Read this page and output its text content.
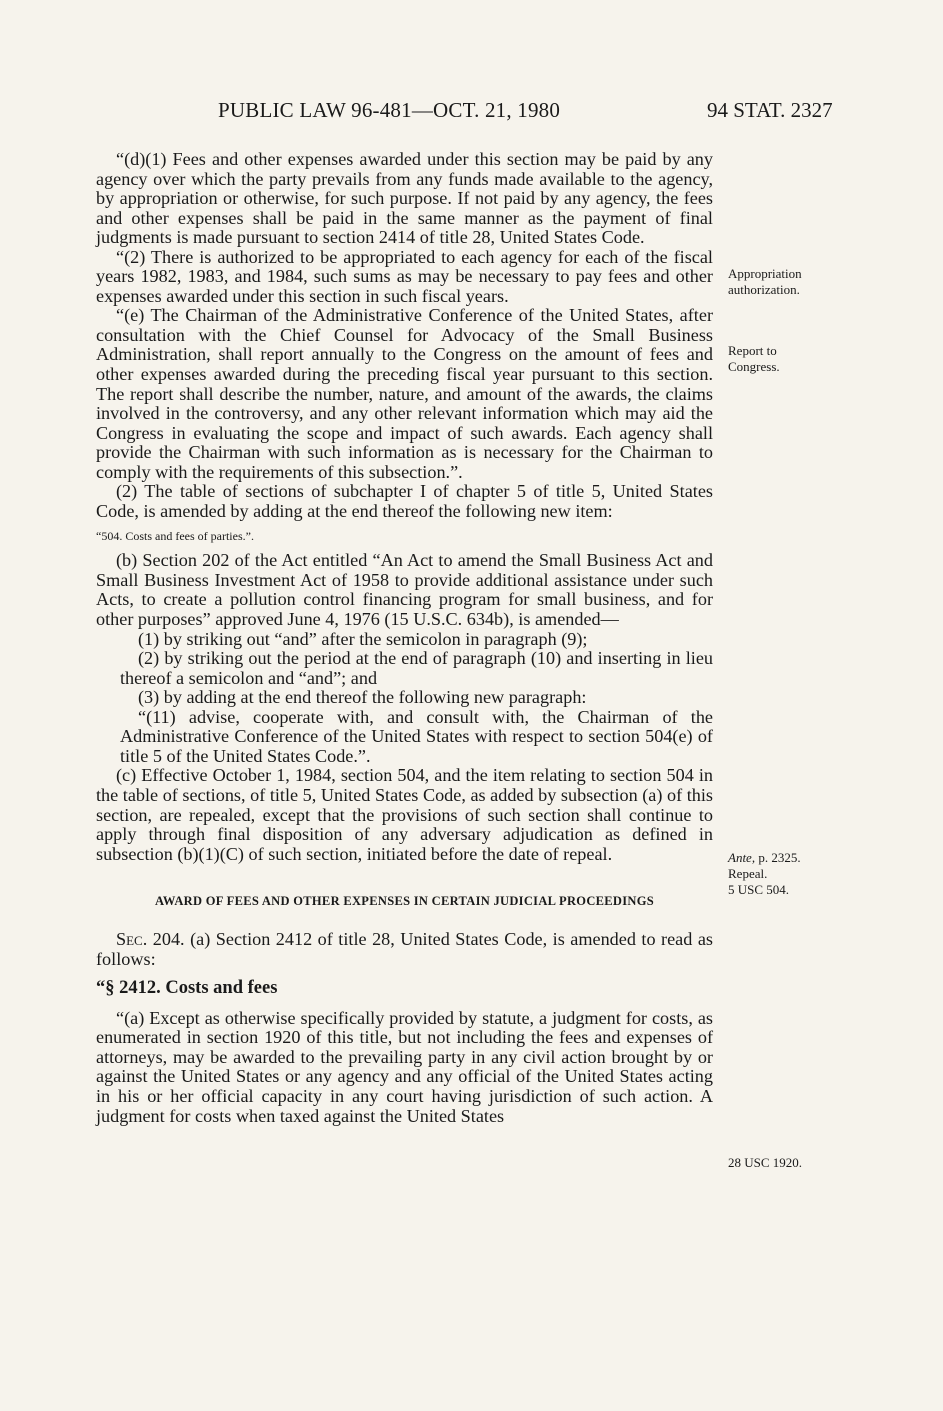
PUBLIC LAW 96-481—OCT. 21, 1980	94 STAT. 2327

“(d)(1) Fees and other expenses awarded under this section may be paid by any agency over which the party prevails from any funds made available to the agency, by appropriation or otherwise, for such purpose. If not paid by any agency, the fees and other expenses shall be paid in the same manner as the payment of final judgments is made pursuant to section 2414 of title 28, United States Code.

“(2) There is authorized to be appropriated to each agency for each of the fiscal years 1982, 1983, and 1984, such sums as may be necessary to pay fees and other expenses awarded under this section in such fiscal years.

“(e) The Chairman of the Administrative Conference of the United States, after consultation with the Chief Counsel for Advocacy of the Small Business Administration, shall report annually to the Congress on the amount of fees and other expenses awarded during the preceding fiscal year pursuant to this section. The report shall describe the number, nature, and amount of the awards, the claims involved in the controversy, and any other relevant information which may aid the Congress in evaluating the scope and impact of such awards. Each agency shall provide the Chairman with such information as is necessary for the Chairman to comply with the requirements of this subsection.”.

(2) The table of sections of subchapter I of chapter 5 of title 5, United States Code, is amended by adding at the end thereof the following new item:

“504. Costs and fees of parties.”.

(b) Section 202 of the Act entitled “An Act to amend the Small Business Act and Small Business Investment Act of 1958 to provide additional assistance under such Acts, to create a pollution control financing program for small business, and for other purposes” approved June 4, 1976 (15 U.S.C. 634b), is amended—

(1) by striking out “and” after the semicolon in paragraph (9);

(2) by striking out the period at the end of paragraph (10) and inserting in lieu thereof a semicolon and “and”; and

(3) by adding at the end thereof the following new paragraph:

“(11) advise, cooperate with, and consult with, the Chairman of the Administrative Conference of the United States with respect to section 504(e) of title 5 of the United States Code.”.

(c) Effective October 1, 1984, section 504, and the item relating to section 504 in the table of sections, of title 5, United States Code, as added by subsection (a) of this section, are repealed, except that the provisions of such section shall continue to apply through final disposition of any adversary adjudication as defined in subsection (b)(1)(C) of such section, initiated before the date of repeal.

AWARD OF FEES AND OTHER EXPENSES IN CERTAIN JUDICIAL PROCEEDINGS

Sec. 204. (a) Section 2412 of title 28, United States Code, is amended to read as follows:

“§ 2412. Costs and fees

“(a) Except as otherwise specifically provided by statute, a judgment for costs, as enumerated in section 1920 of this title, but not including the fees and expenses of attorneys, may be awarded to the prevailing party in any civil action brought by or against the United States or any agency and any official of the United States acting in his or her official capacity in any court having jurisdiction of such action. A judgment for costs when taxed against the United States

Appropriation
authorization.
Report to
Congress.
Ante, p. 2325.
Repeal.
5 USC 504.
28 USC 1920.
